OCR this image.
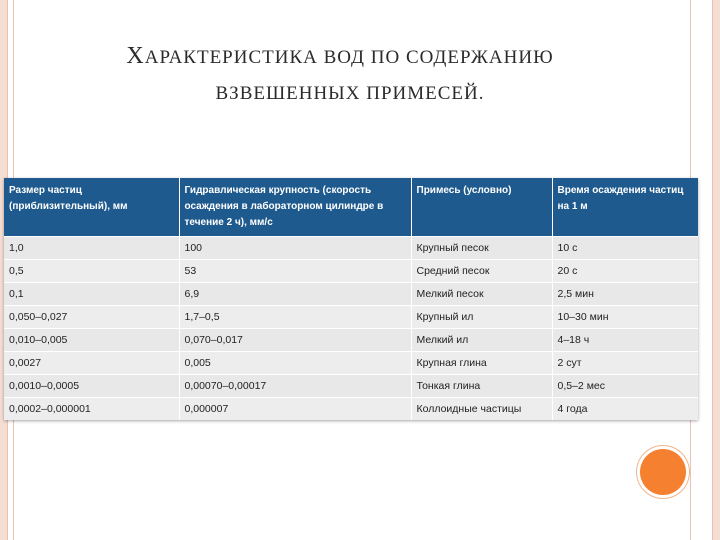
ХАРАКТЕРИСТИКА ВОД ПО СОДЕРЖАНИЮ
ВЗВЕШЕННЫХ ПРИМЕСЕЙ.
Размер частиц (приблизительный), мм	Гидравлическая крупность (скорость осаждения в лабораторном цилиндре в течение 2 ч), мм/с	Примесь (условно)	Время осаждения частиц на 1 м
1,0	100	Крупный песок	10 с
0,5	53	Средний песок	20 с
0,1	6,9	Мелкий песок	2,5 мин
0,050–0,027	1,7–0,5	Крупный ил	10–30 мин
0,010–0,005	0,070–0,017	Мелкий ил	4–18 ч
0,0027	0,005	Крупная глина	2 сут
0,0010–0,0005	0,00070–0,00017	Тонкая глина	0,5–2 мес
0,0002–0,000001	0,000007	Коллоидные частицы	4 года
